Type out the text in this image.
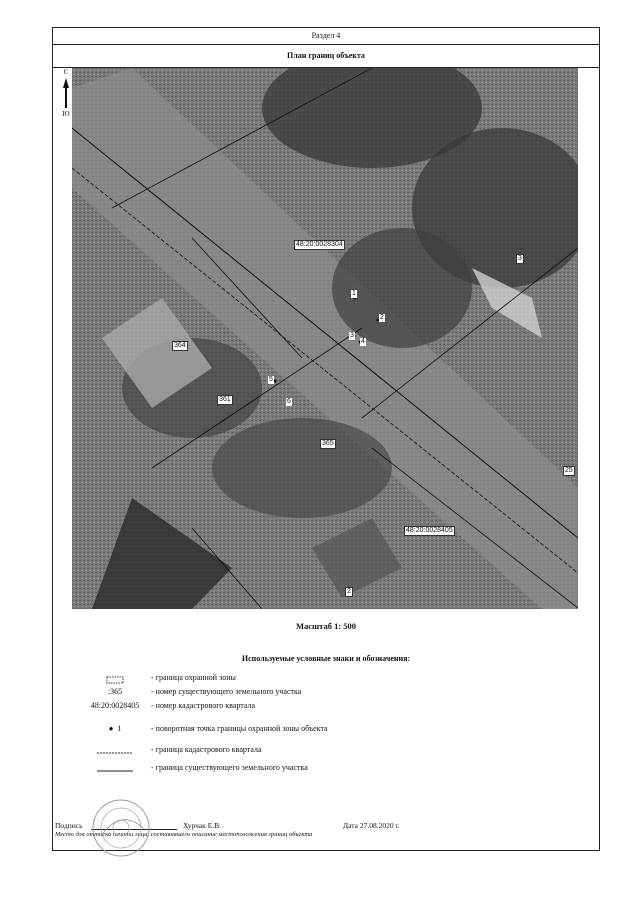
Раздел 4
План границ объекта
С
Ю
48:20:0028304
48:20:0028405
364
361
365
3
25
2
1
2
3
4
5
6
Масштаб 1: 500
Используемые условные знаки и обозначения:
- граница охранной зоны
:365	- номер существующего земельного участка
48:20:0028405	- номер кадастрового квартала
●  1	- поворотная точка границы охранной зоны объекта
- граница кадастрового квартала
- граница существующего земельного участка
Подпись	Хурчак Е.В.	Дата 27.08.2020 г.
Место для оттиска печати лица, составившего описание местоположения границ объекта
